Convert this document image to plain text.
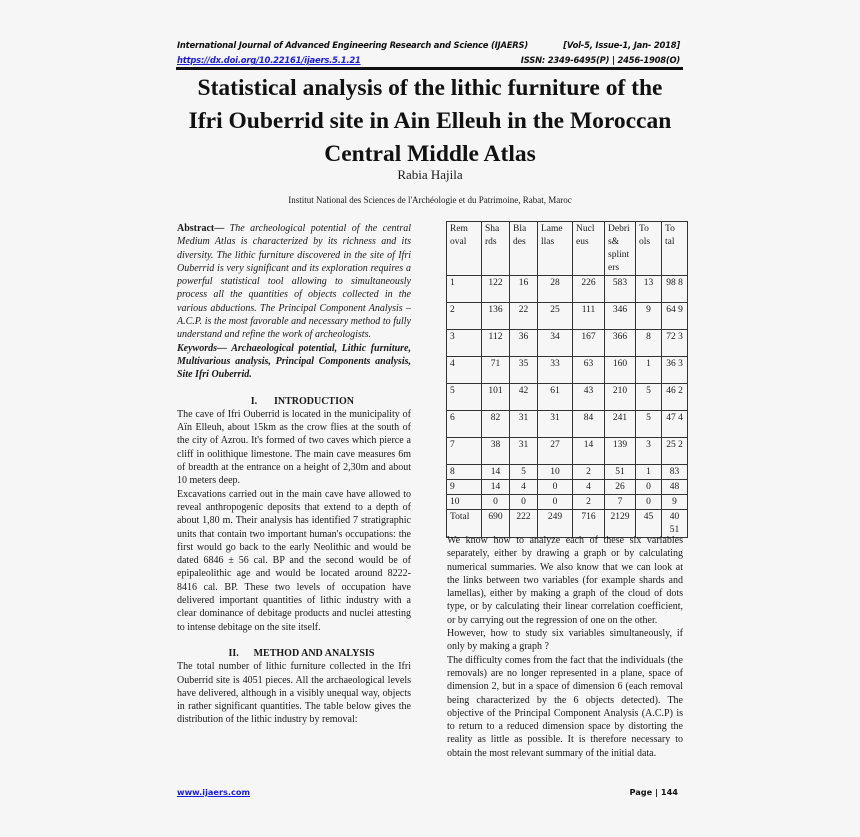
International Journal of Advanced Engineering Research and Science (IJAERS)	[Vol-5, Issue-1, Jan- 2018]
https://dx.doi.org/10.22161/ijaers.5.1.21	ISSN: 2349-6495(P) | 2456-1908(O)
Statistical analysis of the lithic furniture of the
Ifri Ouberrid site in Ain Elleuh in the Moroccan
Central Middle Atlas
Rabia Hajila
Institut National des Sciences de l'Archéologie et du Patrimoine, Rabat, Maroc

Abstract— The archeological potential of the central Medium Atlas is characterized by its richness and its diversity. The lithic furniture discovered in the site of Ifri Ouberrid is very significant and its exploration requires a powerful statistical tool allowing to simultaneously process all the quantities of objects collected in the various abductions. The Principal Component Analysis – A.C.P. is the most favorable and necessary method to fully understand and refine the work of archeologists.

Keywords— Archaeological potential, Lithic furniture, Multivarious analysis, Principal Components analysis, Site Ifri Ouberrid.

I. INTRODUCTION

The cave of Ifri Ouberrid is located in the municipality of Aïn Elleuh, about 15km as the crow flies at the south of the city of Azrou. It's formed of two caves which pierce a cliff in oolithique limestone. The main cave measures 6m of breadth at the entrance on a height of 2,30m and about 10 meters deep.

Excavations carried out in the main cave have allowed to reveal anthropogenic deposits that extend to a depth of about 1,80 m. Their analysis has identified 7 stratigraphic units that contain two important human's occupations: the first would go back to the early Neolithic and would be dated 6846 ± 56 cal. BP and the second would be of epipaleolithic age and would be located around 8222-8416 cal. BP. These two levels of occupation have delivered important quantities of lithic industry with a clear dominance of debitage products and nuclei attesting to intense debitage on the site itself.

II. METHOD AND ANALYSIS

The total number of lithic furniture collected in the Ifri Ouberrid site is 4051 pieces. All the archaeological levels have delivered, although in a visibly unequal way, objects in rather significant quantities. The table below gives the distribution of the lithic industry by removal:

Rem oval	Sha rds	Bla des	Lame llas	Nucl eus	Debri s& splint ers	To ols	To tal
1	122	16	28	226	583	13	98 8
2	136	22	25	111	346	9	64 9
3	112	36	34	167	366	8	72 3
4	71	35	33	63	160	1	36 3
5	101	42	61	43	210	5	46 2
6	82	31	31	84	241	5	47 4
7	38	31	27	14	139	3	25 2
8	14	5	10	2	51	1	83
9	14	4	0	4	26	0	48
10	0	0	0	2	7	0	9
Total	690	222	249	716	2129	45	40 51

We know how to analyze each of these six variables separately, either by drawing a graph or by calculating numerical summaries. We also know that we can look at the links between two variables (for example shards and lamellas), either by making a graph of the cloud of dots type, or by calculating their linear correlation coefficient, or by carrying out the regression of one on the other.

However, how to study six variables simultaneously, if only by making a graph ?

The difficulty comes from the fact that the individuals (the removals) are no longer represented in a plane, space of dimension 2, but in a space of dimension 6 (each removal being characterized by the 6 objects detected). The objective of the Principal Component Analysis (A.C.P) is to return to a reduced dimension space by distorting the reality as little as possible. It is therefore necessary to obtain the most relevant summary of the initial data.

www.ijaers.com	Page | 144
